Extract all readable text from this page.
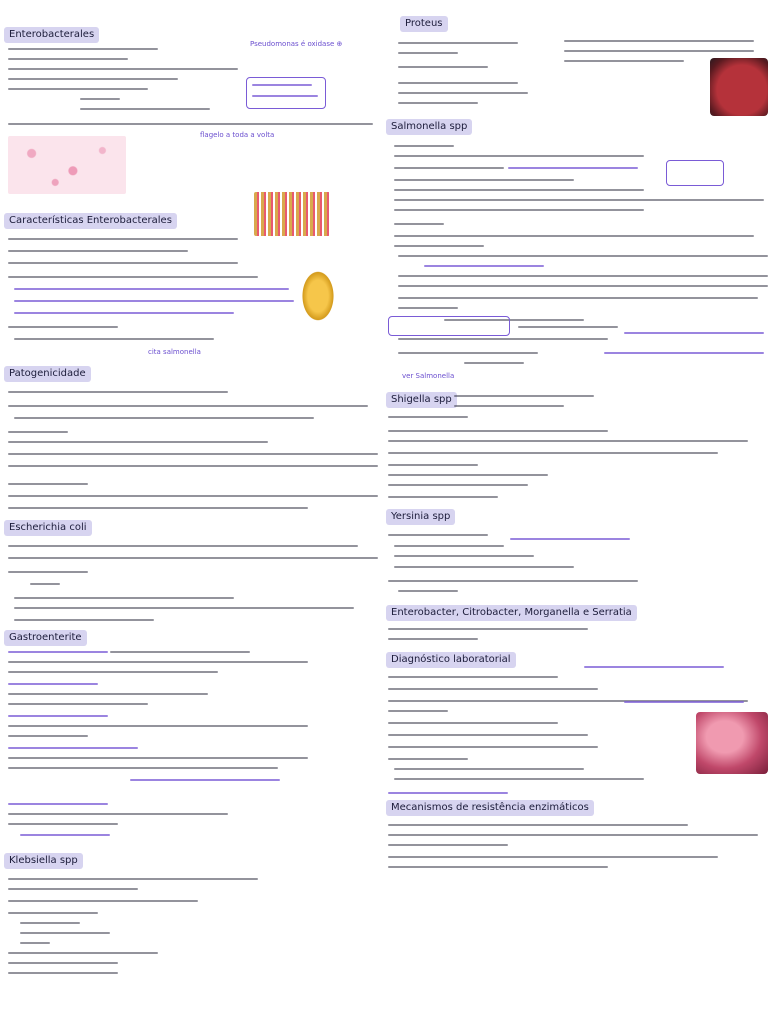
Enterobacterales
Pseudomonas é oxidase ⊕
flagelo a toda a volta
Características Enterobacterales
cita salmonella
Patogenicidade
Escherichia coli
Gastroenterite
Klebsiella spp
Proteus
Salmonella spp
ver Salmonella
Shigella spp
Yersinia spp
Enterobacter, Citrobacter, Morganella e Serratia
Diagnóstico laboratorial
Mecanismos de resistência enzimáticos
